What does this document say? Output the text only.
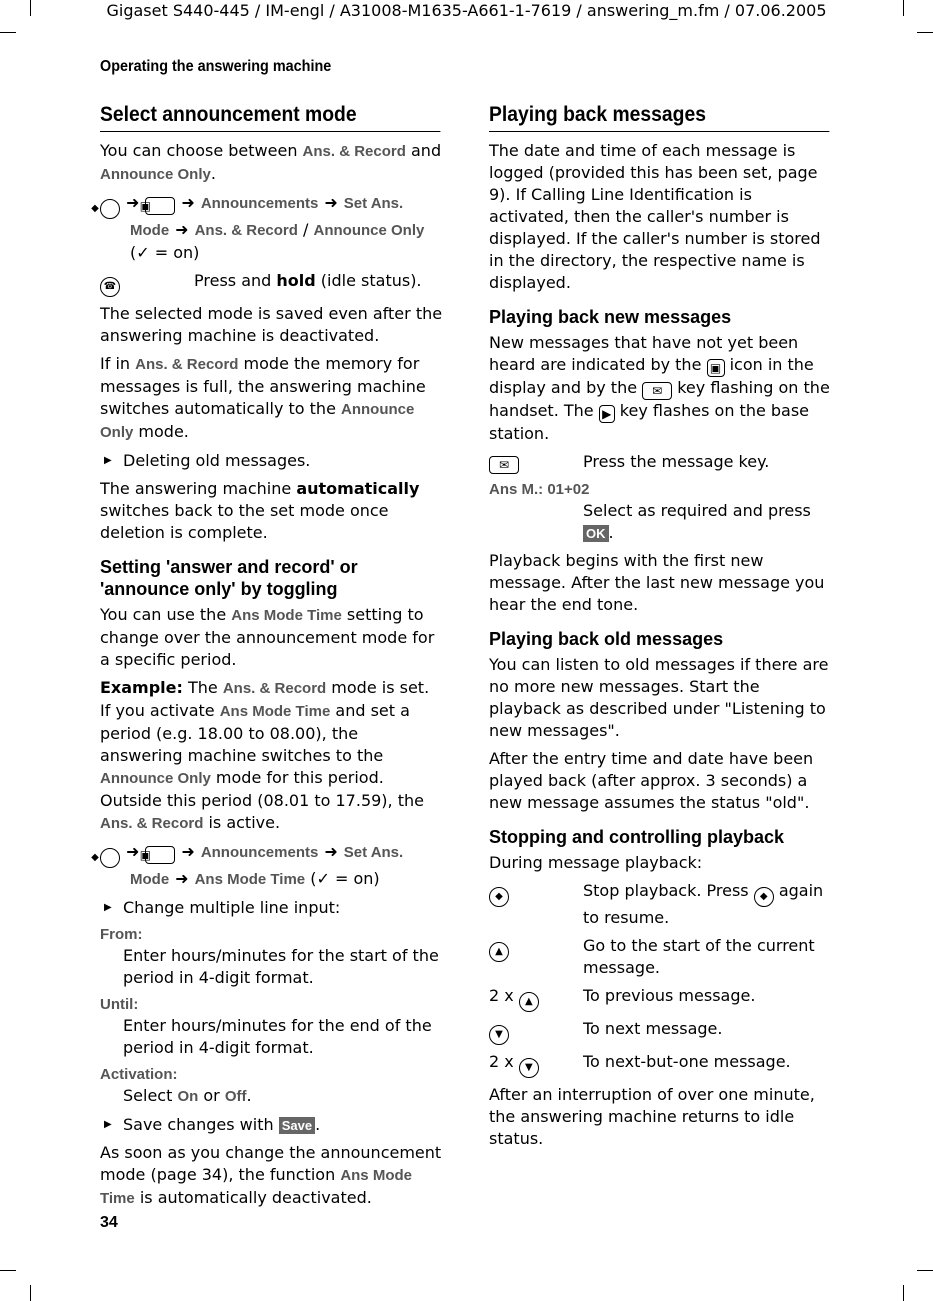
Gigaset S440-445 / IM-engl / A31008-M1635-A661-1-7619 / answering_m.fm / 07.06.2005
Operating the answering machine
Select announcement mode

You can choose between Ans. & Record and Announce Only.

◆ ➜▣ ➜ Announcements ➜ Set Ans. Mode ➜ Ans. & Record / Announce Only
(✓ = on)
☎	Press and hold (idle status).

The selected mode is saved even after the answering machine is deactivated.

If in Ans. & Record mode the memory for messages is full, the answering machine switches automatically to the Announce Only mode.

▶ Deleting old messages.

The answering machine automatically switches back to the set mode once deletion is complete.

Setting 'answer and record' or 'announce only' by toggling

You can use the Ans Mode Time setting to change over the announcement mode for a specific period.

Example: The Ans. & Record mode is set. If you activate Ans Mode Time and set a period (e.g. 18.00 to 08.00), the answering machine switches to the Announce Only mode for this period. Outside this period (08.01 to 17.59), the Ans. & Record is active.

◆ ➜▣ ➜ Announcements ➜ Set Ans. Mode ➜ Ans Mode Time (✓ = on)
▶ Change multiple line input:
From:
Enter hours/minutes for the start of the period in 4-digit format.
Until:
Enter hours/minutes for the end of the period in 4-digit format.
Activation:
Select On or Off.
▶ Save changes with Save .

As soon as you change the announcement mode (page 34), the function Ans Mode Time is automatically deactivated.

Playing back messages

The date and time of each message is logged (provided this has been set, page 9). If Calling Line Identification is activated, then the caller's number is displayed. If the caller's number is stored in the directory, the respective name is displayed.

Playing back new messages

New messages that have not yet been heard are indicated by the ▣ icon in the display and by the ✉ key flashing on the handset. The ▶ key flashes on the base station.

✉	Press the message key.
Ans M.: 01+02
Select as required and press OK .

Playback begins with the first new message. After the last new message you hear the end tone.

Playing back old messages

You can listen to old messages if there are no more new messages. Start the playback as described under "Listening to new messages".

After the entry time and date have been played back (after approx. 3 seconds) a new message assumes the status "old".

Stopping and controlling playback

During message playback:

◆	Stop playback. Press ◆ again to resume.
▲	Go to the start of the current message.
2 x ▲	To previous message.
▼	To next message.
2 x ▼	To next-but-one message.

After an interruption of over one minute, the answering machine returns to idle status.

34
